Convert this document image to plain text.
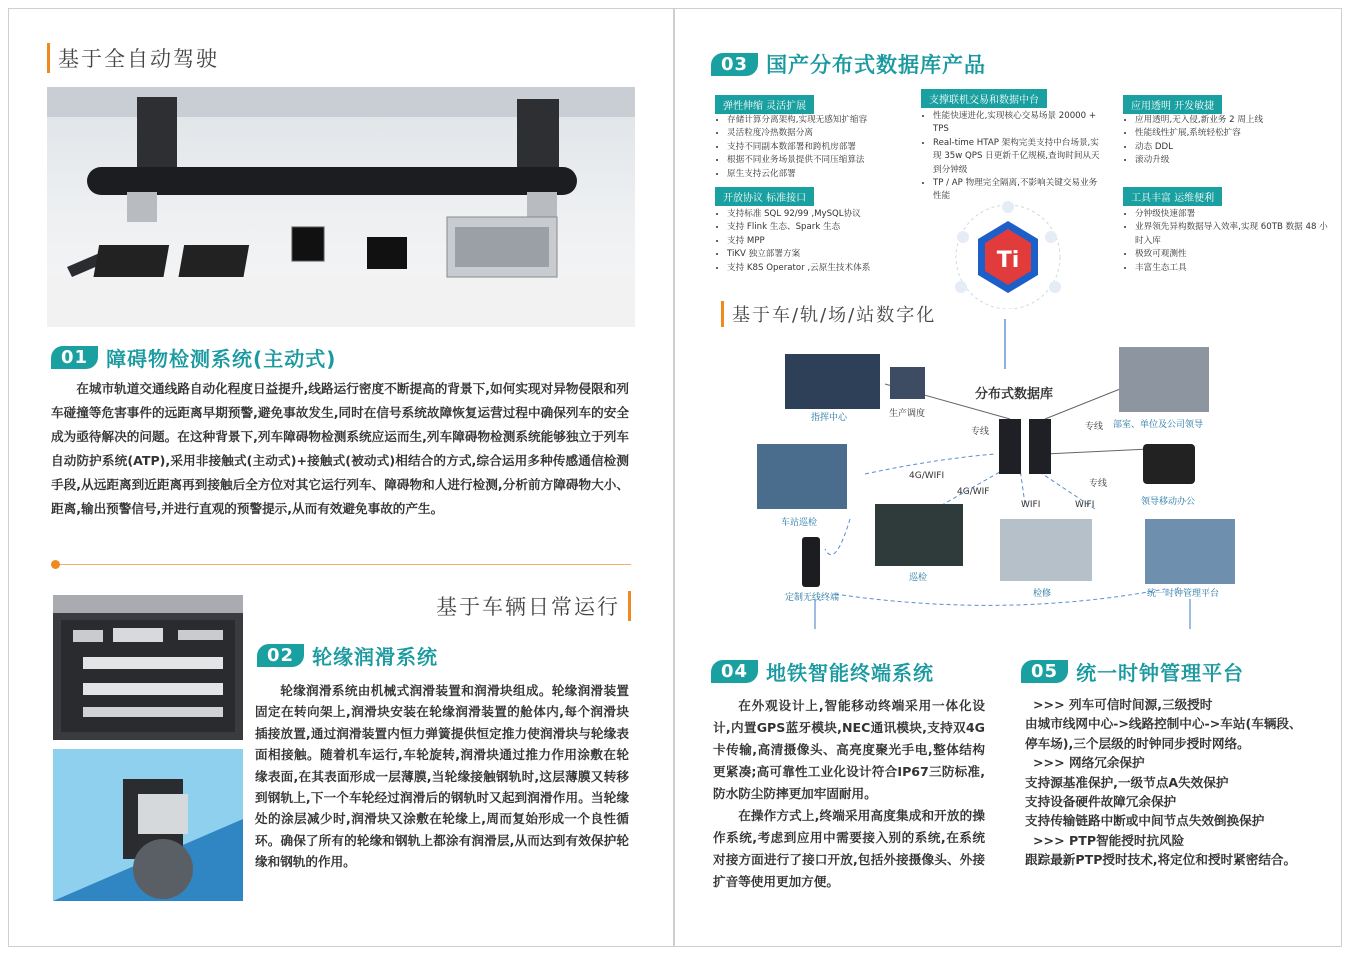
基于全自动驾驶
01 障碍物检测系统(主动式)

在城市轨道交通线路自动化程度日益提升,线路运行密度不断提高的背景下,如何实现对异物侵限和列车碰撞等危害事件的远距离早期预警,避免事故发生,同时在信号系统故障恢复运营过程中确保列车的安全成为亟待解决的问题。在这种背景下,列车障碍物检测系统应运而生,列车障碍物检测系统能够独立于列车自动防护系统(ATP),采用非接触式(主动式)+接触式(被动式)相结合的方式,综合运用多种传感通信检测手段,从远距离到近距离再到接触后全方位对其它运行列车、障碍物和人进行检测,分析前方障碍物大小、距离,输出预警信号,并进行直观的预警提示,从而有效避免事故的产生。

基于车辆日常运行
02 轮缘润滑系统

轮缘润滑系统由机械式润滑装置和润滑块组成。轮缘润滑装置固定在转向架上,润滑块安装在轮缘润滑装置的舱体内,每个润滑块插接放置,通过润滑装置内恒力弹簧提供恒定推力使润滑块与轮缘表面相接触。随着机车运行,车轮旋转,润滑块通过推力作用涂敷在轮缘表面,在其表面形成一层薄膜,当轮缘接触钢轨时,这层薄膜又转移到钢轨上,下一个车轮经过润滑后的钢轨时又起到润滑作用。当轮缘处的涂层减少时,润滑块又涂敷在轮缘上,周而复始形成一个良性循环。确保了所有的轮缘和钢轨上都涂有润滑层,从而达到有效保护轮缘和钢轨的作用。

03 国产分布式数据库产品
弹性伸缩 灵活扩展
• 存储计算分离架构,实现无感知扩缩容
• 灵活粒度冷热数据分离
• 支持不同副本数部署和跨机房部署
• 根据不同业务场景提供不同压缩算法
• 原生支持云化部署
开放协议 标准接口
• 支持标准 SQL 92/99 ,MySQL协议
• 支持 Flink 生态、Spark 生态
• 支持 MPP
• TiKV 独立部署方案
• 支持 K8S Operator ,云原生技术体系
支撑联机交易和数据中台
• 性能快速进化,实现核心交易场景 20000 + TPS
• Real-time HTAP 架构完美支持中台场景,实现 35w QPS 日更新千亿规模,查询时间从天到分钟级
• TP / AP 物理完全隔离,不影响关键交易业务性能
应用透明 开发敏捷
• 应用透明,无入侵,新业务 2 周上线
• 性能线性扩展,系统轻松扩容
• 动态 DDL
• 滚动升级
工具丰富 运维便利
• 分钟级快速部署
• 业界领先异构数据导入效率,实现 60TB 数据 48 小时入库
• 极致可观测性
• 丰富生态工具
Ti
基于车/轨/场/站数字化
分布式数据库
指挥中心	生产调度
部室、单位及公司领导
专线	专线
专线
4G/WIFI
4G/WIF
WIFI	WIFI
车站巡检
领导移动办公
巡检
检修
定制无线终端	统一时钟管理平台
04 地铁智能终端系统

在外观设计上,智能移动终端采用一体化设计,内置GPS蓝牙模块,NEC通讯模块,支持双4G卡传输,高清摄像头、高亮度聚光手电,整体结构更紧凑;高可靠性工业化设计符合IP67三防标准,防水防尘防摔更加牢固耐用。

在操作方式上,终端采用高度集成和开放的操作系统,考虑到应用中需要接入别的系统,在系统对接方面进行了接口开放,包括外接摄像头、外接扩音等使用更加方便。

05 统一时钟管理平台
>>> 列车可信时间源,三级授时
由城市线网中心->线路控制中心->车站(车辆段、停车场),三个层级的时钟同步授时网络。
>>> 网络冗余保护
支持源基准保护,一级节点A失效保护
支持设备硬件故障冗余保护
支持传输链路中断或中间节点失效倒换保护
>>> PTP智能授时抗风险
跟踪最新PTP授时技术,将定位和授时紧密结合。
